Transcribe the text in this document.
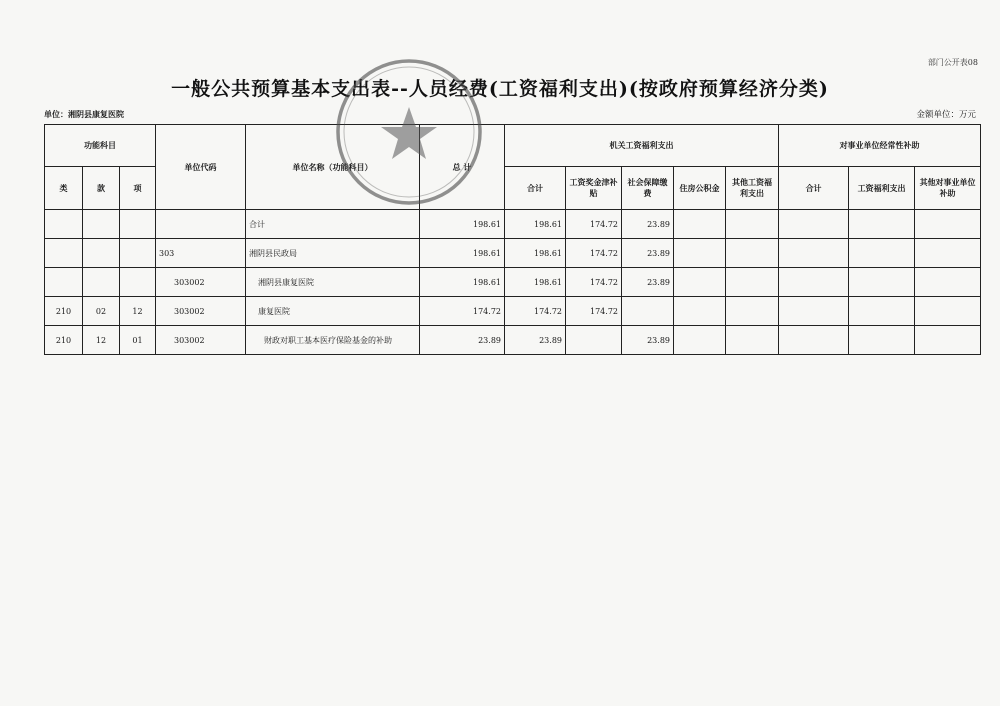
部门公开表08
一般公共预算基本支出表--人员经费(工资福利支出)(按政府预算经济分类)
单位：湘阴县康复医院	金额单位：万元
功能科目			单位代码	单位名称（功能科目）	总 计	机关工资福利支出					对事业单位经常性补助		
类	款	项				合计	工资奖金津补贴	社会保障缴费	住房公积金	其他工资福利支出	合计	工资福利支出	其他对事业单位补助
				合计	198.61	198.61	174.72	23.89					
			303	湘阴县民政局	198.61	198.61	174.72	23.89					
			303002	湘阴县康复医院	198.61	198.61	174.72	23.89					
210	02	12	303002	康复医院	174.72	174.72	174.72						
210	12	01	303002	财政对职工基本医疗保险基金的补助	23.89	23.89		23.89					
